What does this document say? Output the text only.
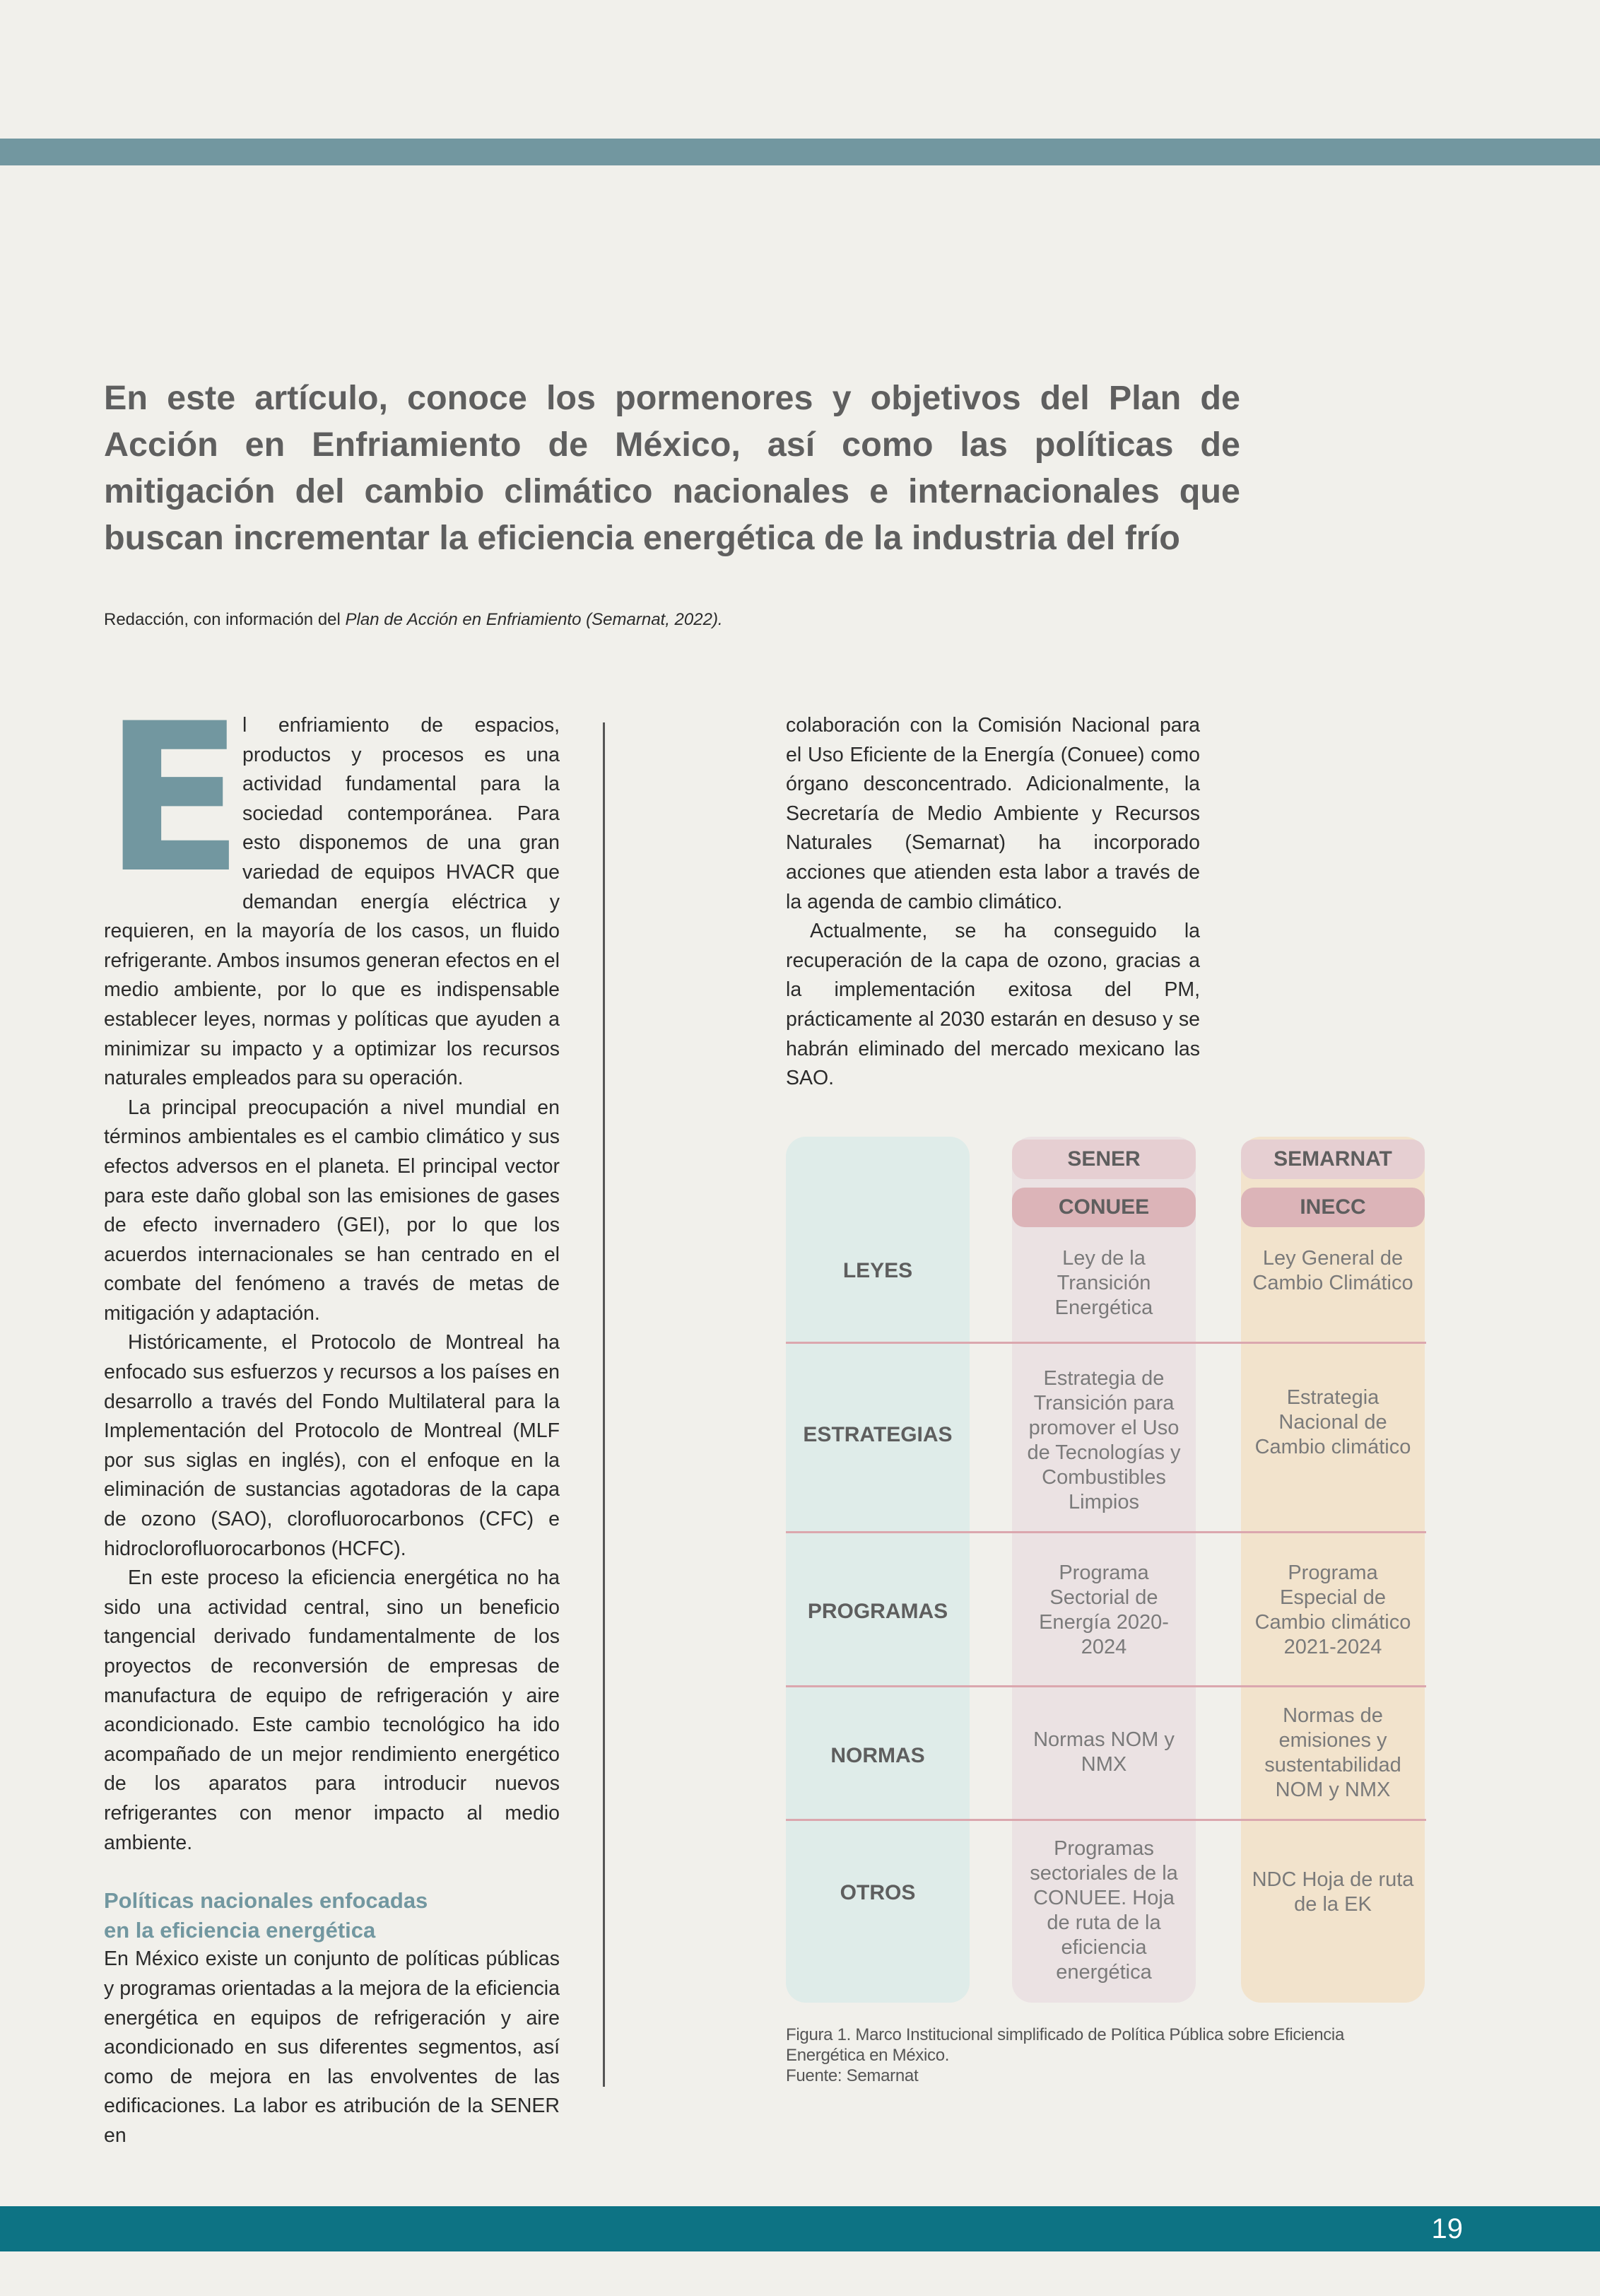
En este artículo, conoce los pormenores y objetivos del Plan de Acción en Enfriamiento de México, así como las políticas de mitigación del cambio climático nacionales e internacionales que buscan incrementar la eficiencia energética de la industria del frío
Redacción, con información del Plan de Acción en Enfriamiento (Semarnat, 2022).
E

l enfriamiento de espacios, productos y procesos es una actividad fundamental para la sociedad contemporánea. Para esto disponemos de una gran variedad de equipos HVACR que demandan energía eléctrica y requieren, en la mayoría de los casos, un fluido refrigerante. Ambos insumos generan efectos en el medio ambiente, por lo que es indispensable establecer leyes, normas y políticas que ayuden a minimizar su impacto y a optimizar los recursos naturales empleados para su operación.

La principal preocupación a nivel mundial en términos ambientales es el cambio climático y sus efectos adversos en el planeta. El principal vector para este daño global son las emisiones de gases de efecto invernadero (GEI), por lo que los acuerdos internacionales se han centrado en el combate del fenómeno a través de metas de mitigación y adaptación.

Históricamente, el Protocolo de Montreal ha enfocado sus esfuerzos y recursos a los países en desarrollo a través del Fondo Multilateral para la Implementación del Protocolo de Montreal (MLF por sus siglas en inglés), con el enfoque en la eliminación de sustancias agotadoras de la capa de ozono (SAO), clorofluorocarbonos (CFC) e hidroclorofluorocarbonos (HCFC).

En este proceso la eficiencia energética no ha sido una actividad central, sino un beneficio tangencial derivado fundamentalmente de los proyectos de reconversión de empresas de manufactura de equipo de refrigeración y aire acondicionado. Este cambio tecnológico ha ido acompañado de un mejor rendimiento energético de los aparatos para introducir nuevos refrigerantes con menor impacto al medio ambiente.

Políticas nacionales enfocadas
en la eficiencia energética

En México existe un conjunto de políticas públicas y programas orientadas a la mejora de la eficiencia energética en equipos de refrigeración y aire acondicionado en sus diferentes segmentos, así como de mejora en las envolventes de las edificaciones. La labor es atribución de la SENER en

colaboración con la Comisión Nacional para el Uso Eficiente de la Energía (Conuee) como órgano desconcentrado. Adicionalmente, la Secretaría de Medio Ambiente y Recursos Naturales (Semarnat) ha incorporado acciones que atienden esta labor a través de la agenda de cambio climático.

Actualmente, se ha conseguido la recuperación de la capa de ozono, gracias a la implementación exitosa del PM, prácticamente al 2030 estarán en desuso y se habrán eliminado del mercado mexicano las SAO.

SENER
CONUEE
SEMARNAT
INECC
LEYES
Ley de la Transición Energética
Ley General de Cambio Climático
ESTRATEGIAS
Estrategia de Transición para promover el Uso de Tecnologías y Combustibles Limpios
Estrategia Nacional de Cambio climático
PROGRAMAS
Programa Sectorial de Energía 2020-2024
Programa Especial de Cambio climático 2021-2024
NORMAS
Normas NOM y NMX
Normas de emisiones y sustentabilidad NOM y NMX
OTROS
Programas sectoriales de la CONUEE. Hoja de ruta de la eficiencia energética
NDC Hoja de ruta de la EK
Figura 1. Marco Institucional simplificado de Política Pública sobre Eficiencia Energética en México.
Fuente: Semarnat
19
